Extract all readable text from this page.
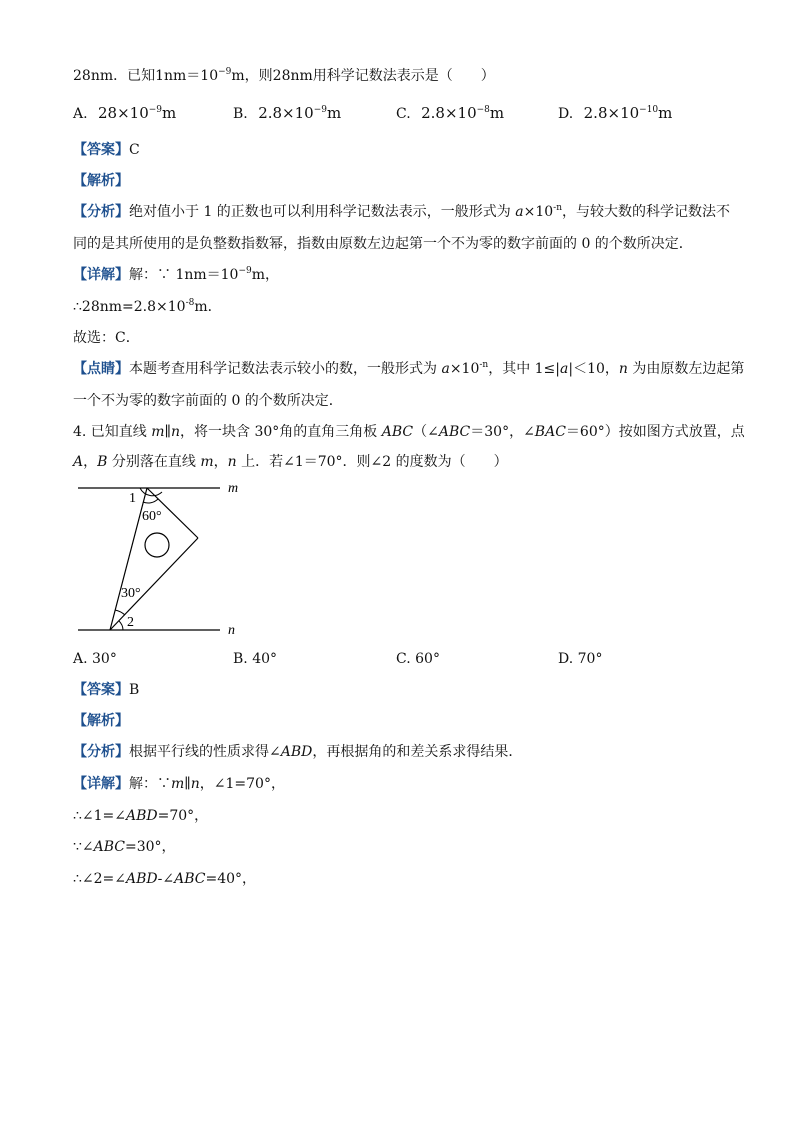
28nm．已知$1nm=10^{-9}m$，则28nm用科学记数法表示是（　　）
A. $28\times 10^{-9}m$	B. $2.8\times 10^{-9}m$	C. $2.8\times 10^{-8}m$	D. $2.8\times 10^{-10}m$
【答案】C
【解析】
【分析】绝对值小于 1 的正数也可以利用科学记数法表示，一般形式为 $a\times 10^{-n}$，与较大数的科学记数法不
同的是其所使用的是负整数指数幂，指数由原数左边起第一个不为零的数字前面的 0 的个数所决定．
【详解】解：∵ $1nm=10^{-9}m$，
$\therefore 28nm=2.8\times 10^{-8}m$．
故选：C．
【点睛】本题考查用科学记数法表示较小的数，一般形式为 $a\times 10^{-n}$，其中 1≤|a|＜10，n 为由原数左边起第
一个不为零的数字前面的 0 的个数所决定．
4. 已知直线 m∥n，将一块含 30°角的直角三角板 ABC（∠ABC＝30°，∠BAC＝60°）按如图方式放置，点
A，B 分别落在直线 m，n 上．若∠1＝70°．则∠2 的度数为（　　）
m
n
1
60°
30°
2
A. 30°	B. 40°	C. 60°	D. 70°
【答案】B
【解析】
【分析】根据平行线的性质求得∠ABD，再根据角的和差关系求得结果．
【详解】解：∵m∥n，∠1=70°，
∴∠1=∠ABD=70°，
∵∠ABC=30°，
∴∠2=∠ABD-∠ABC=40°，
